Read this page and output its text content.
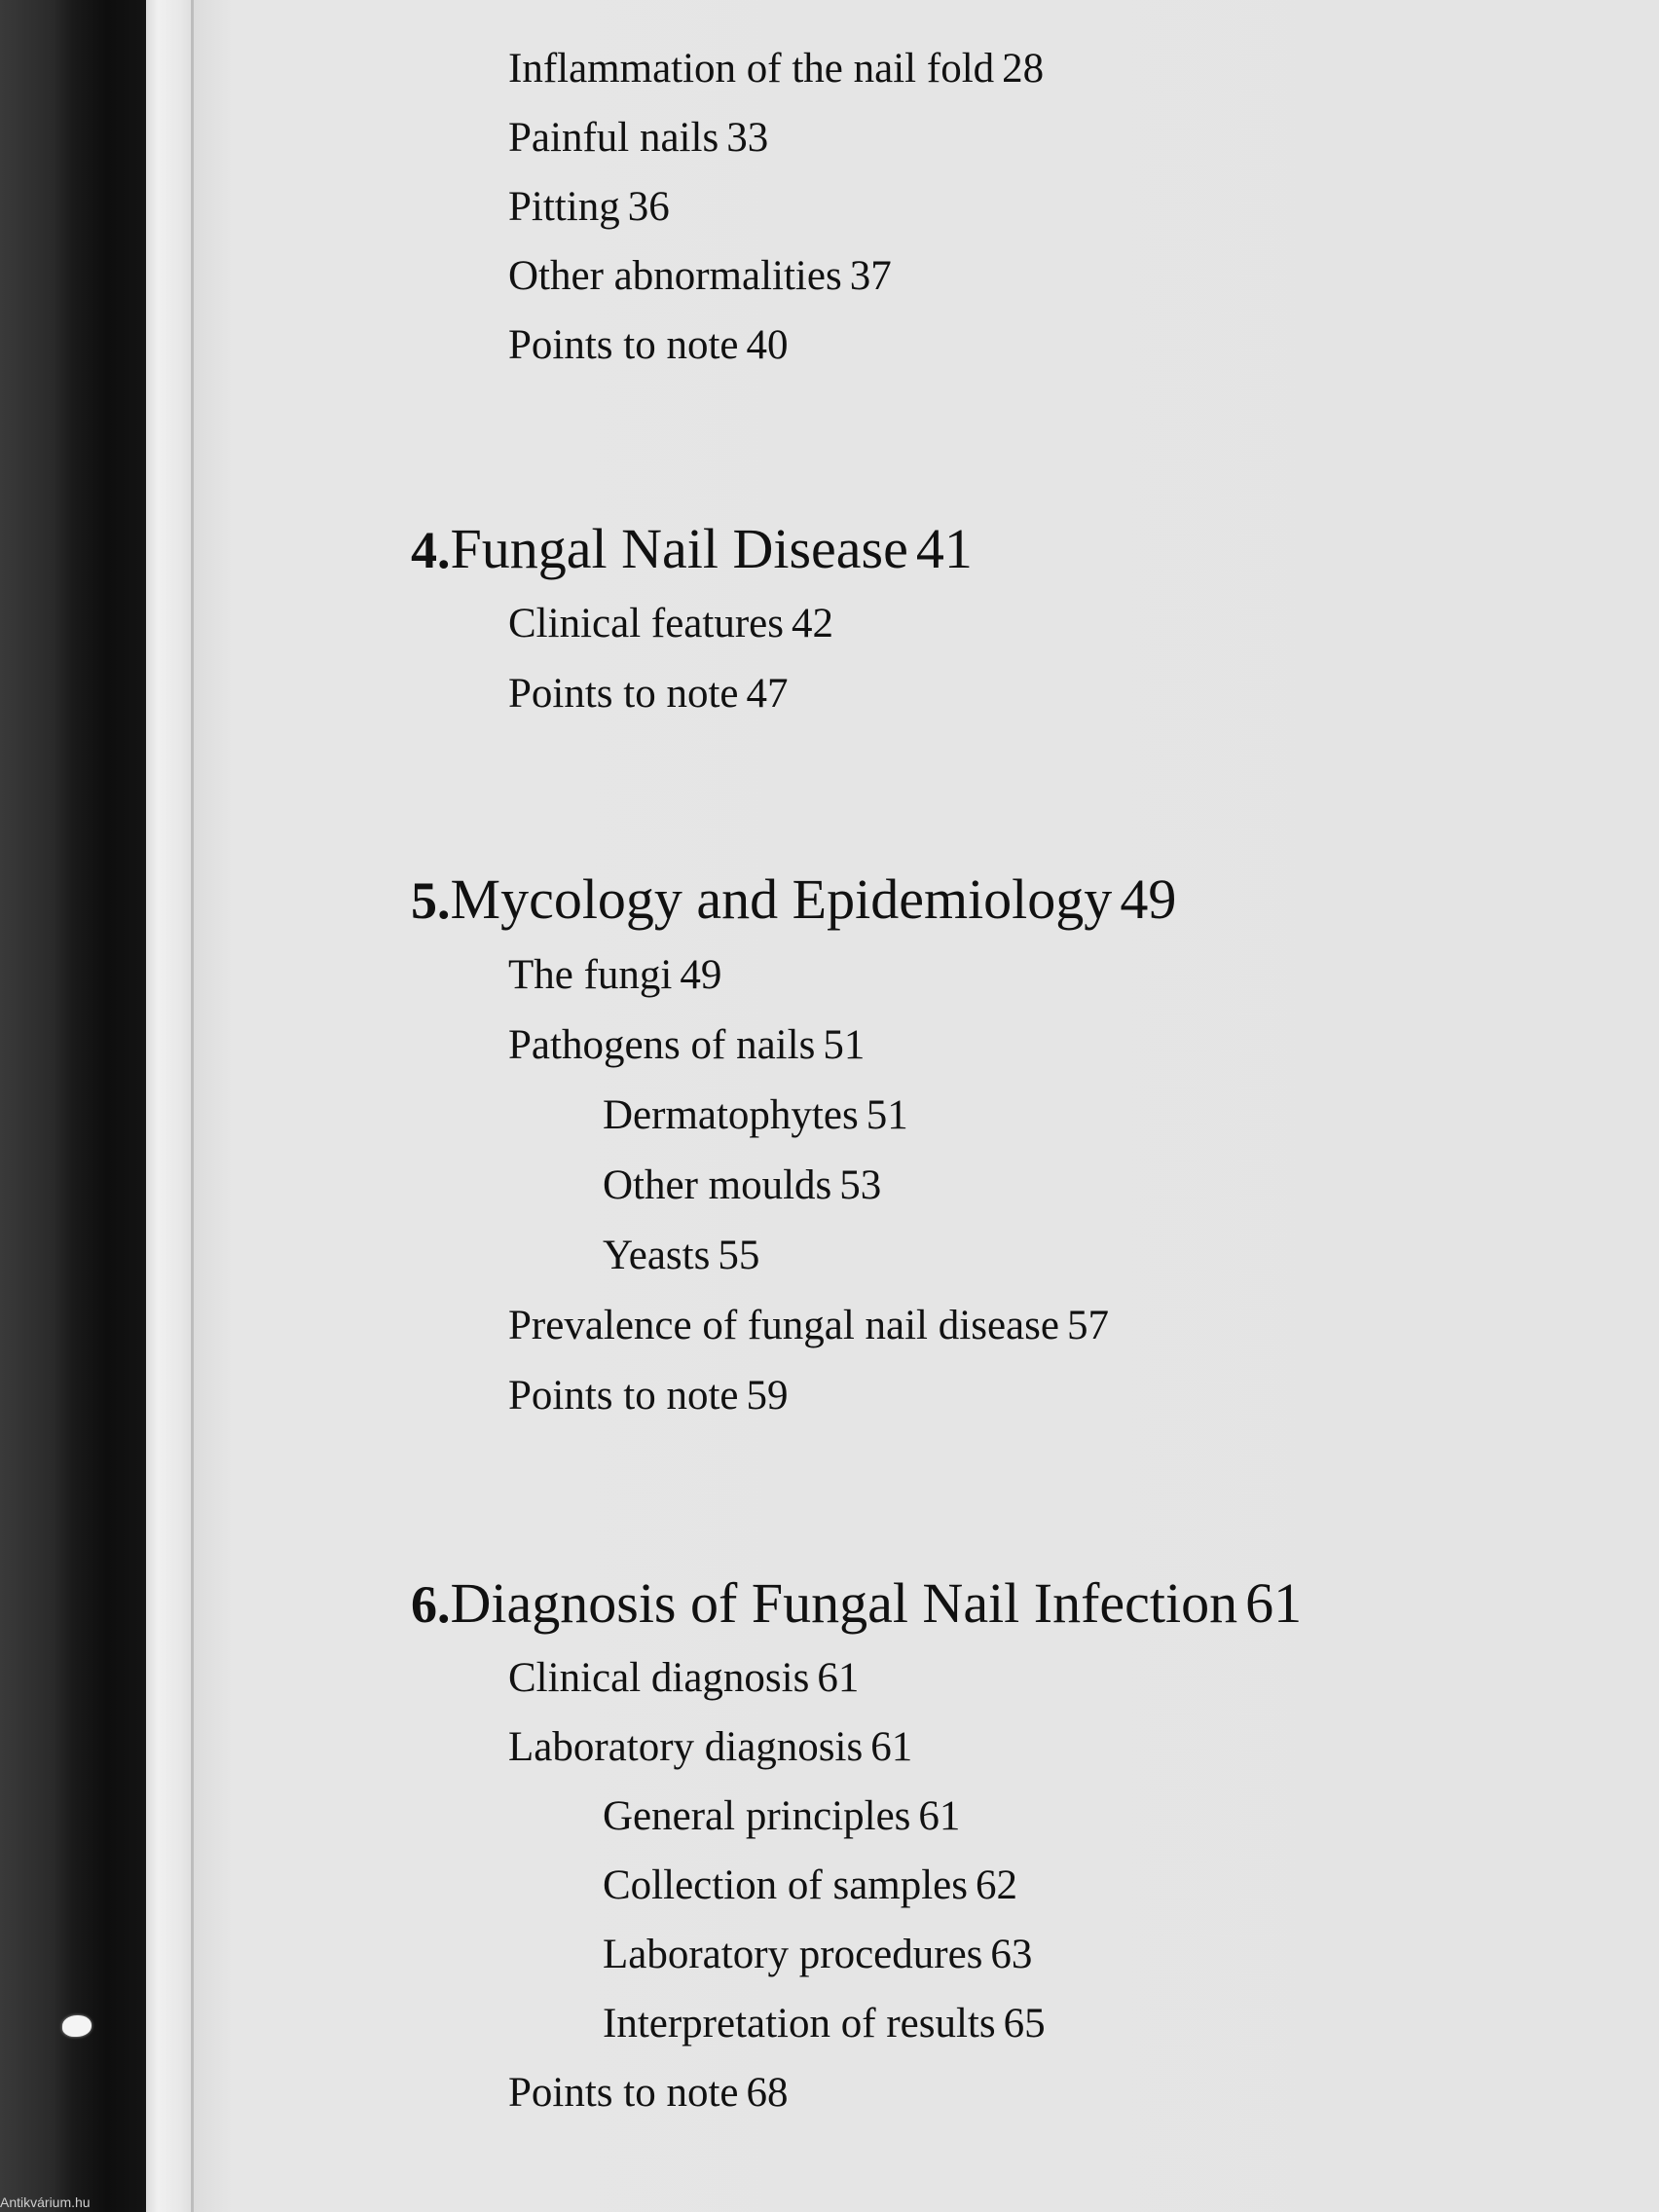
Inflammation of the nail fold 28
Painful nails 33
Pitting 36
Other abnormalities 37
Points to note 40
4. Fungal Nail Disease 41
Clinical features 42
Points to note 47
5. Mycology and Epidemiology 49
The fungi 49
Pathogens of nails 51
Dermatophytes 51
Other moulds 53
Yeasts 55
Prevalence of fungal nail disease 57
Points to note 59
6. Diagnosis of Fungal Nail Infection 61
Clinical diagnosis 61
Laboratory diagnosis 61
General principles 61
Collection of samples 62
Laboratory procedures 63
Interpretation of results 65
Points to note 68
Antikvárium.hu
